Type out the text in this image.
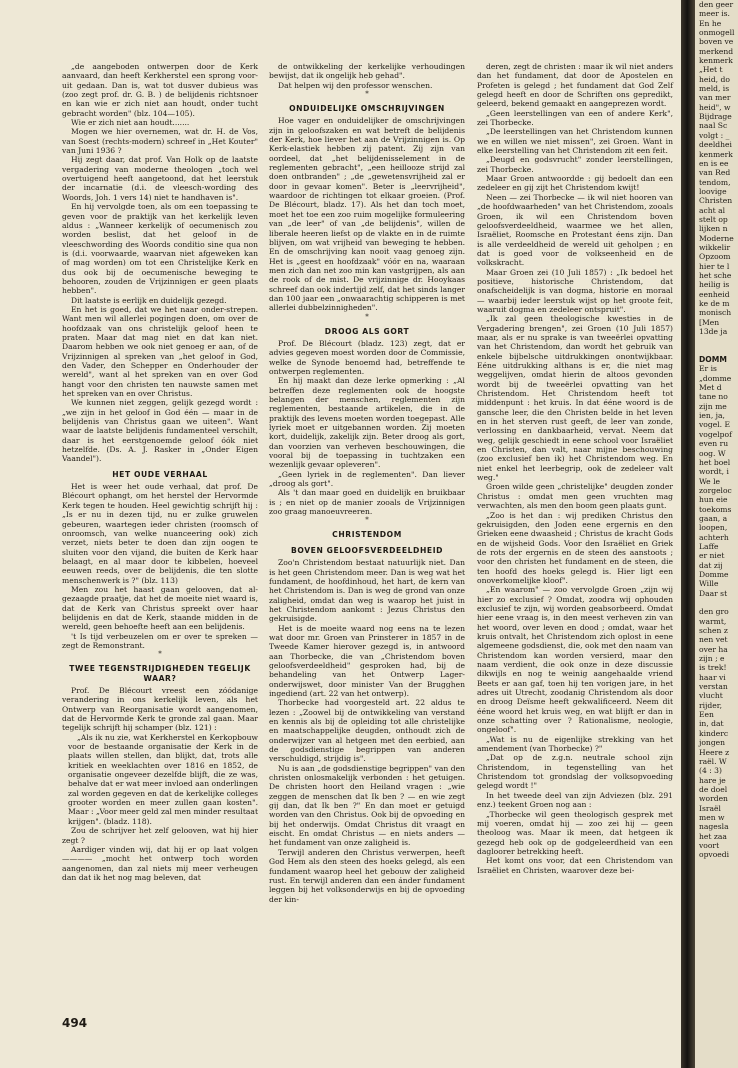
„de aangeboden ontwerpen door de Kerk aanvaard, dan heeft Kerkherstel een sprong voor-uit gedaan. Dan is, wat tot dusver dubieus was (zoo zegt prof. dr. G. B. ) de belijdenis richtsnoer en kan wie er zich niet aan houdt, onder tucht gebracht worden" (blz. 104—105).

Wie er zich niet aan houdt.......

Mogen we hier overnemen, wat dr. H. de Vos, van Soest (rechts-modern) schreef in „Het Kouter" van Juni 1936 ?

Hij zegt daar, dat prof. Van Holk op de laatste vergadering van moderne theologen „toch wel overtuigend heeft aangetoond, dat het leerstuk der incarnatie (d.i. de vleesch-wording des Woords, Joh. 1 vers 14) niet te handhaven is".

En hij vervolgde toen, als om een toepassing te geven voor de praktijk van het kerkelijk leven aldus : „Wanneer kerkelijk of oecumenisch zou worden beslist, dat het geloof in de vleeschwording des Woords conditio sine qua non is (d.i. voorwaarde, waarvan niet afgeweken kan of mag worden) om tot een Christelijke Kerk en dus ook bij de oecumenische beweging te behooren, zouden de Vrijzinnigen er geen plaats hebben".

Dit laatste is eerlijk en duidelijk gezegd.

En het is goed, dat we het naar onder-strepen. Want men wil allerlei pogingen doen, om over de hoofdzaak van ons christelijk geloof heen te praten. Maar dat mag niet en dat kan niet. Daarom hebben we ook niet genoeg er aan, of de Vrijzinnigen al spreken van „het geloof in God, den Vader, den Schepper en Onderhouder der wereld", want al het spreken van en over God hangt voor den christen ten nauwste samen met het spreken van en over Christus.

We kunnen niet zeggen, gelijk gezegd wordt : „we zijn in het geloof in God één — maar in de belijdenis van Christus gaan we uiteen". Want waar de laatste belijdenis fundamenteel verschilt, daar is het eerstgenoemde geloof óók niet hetzelfde. (Ds. A. J. Rasker in „Onder Eigen Vaandel").

HET OUDE VERHAAL

Het is weer het oude verhaal, dat prof. De Blécourt ophangt, om het herstel der Hervormde Kerk tegen te houden. Heel gewichtig schrijft hij : „Is er nu in dezen tijd, nu er zulke gruwelen gebeuren, waartegen ieder christen (roomsch of onroomsch, van welke nuanceering ook) zich verzet, niets beter te doen dan zijn oogen te sluiten voor den vijand, die buiten de Kerk haar belaagt, en al maar door te kibbelen, hoeveel eeuwen reeds, over de belijdenis, die ten slotte menschenwerk is ?" (blz. 113)

Men zou het haast gaan gelooven, dat al-gezaagde praatje, dat het de moeite niet waard is, dat de Kerk van Christus spreekt over haar belijdenis en dat de Kerk, staande midden in de wereld, geen behoefte heeft aan een belijdenis.

't Is tijd verbeuzelen om er over te spreken — zegt de Remonstrant.

*
TWEE TEGENSTRIJDIGHEDEN TEGELIJK WAAR?

Prof. De Blécourt vreest een zóódanige verandering in ons kerkelijk leven, als het Ontwerp van Reorganisatie wordt aangenomen, dat de Hervormde Kerk te gronde zal gaan. Maar tegelijk schrijft hij schamper (blz. 121) :

„Als ik nu zie, wat Kerkherstel en Kerkopbouw voor de bestaande organisatie der Kerk in de plaats willen stellen, dan blijkt, dat, trots alle kritiek en weeklachten over 1816 en 1852, de organisatie ongeveer dezelfde blijft, die ze was, behalve dat er wat meer invloed aan onderlingen zal worden gegeven en dat de kerkelijke colleges grooter worden en meer zullen gaan kosten". Maar : „Voor meer geld zal men minder resultaat krijgen". (bladz. 118).

Zou de schrijver het zelf gelooven, wat hij hier zegt ?

Aardiger vinden wij, dat hij er op laat volgen———— „mocht het ontwerp toch worden aangenomen, dan zal niets mij meer verheugen dan dat ik het nog mag beleven, dat

de ontwikkeling der kerkelijke verhoudingen bewijst, dat ik ongelijk heb gehad".

Dat helpen wij den professor wenschen.

*
ONDUIDELIJKE OMSCHRIJVINGEN

Hoe vager en onduidelijker de omschrijvingen zijn in geloofszaken en wat betreft de belijdenis der Kerk, hoe liever het aan de Vrijzinnigen is. Op Kerk-elastiek hebben zij patent. Zij zijn van oordeel, dat „het belijdenisselement in de reglementen gebracht", „een heillooze strijd zal doen ontbranden" ; „de „gewetensvrijheid zal er door in gevaar komen". Beter is „leervrijheid", waardoor de richtingen tot elkaar groeien. (Prof. De Blécourt, bladz. 17). Als het dan toch moet, moet het toe een zoo ruim mogelijke formuleering van „de leer" of van „de belijdenis", willen de liberale heeren liefst op de vlakte en in de ruimte blijven, om wat vrijheid van beweging te hebben. En de omschrijving kan nooit vaag genoeg zijn. Het is „geest en hoofdzaak" vóór en na, waaraan men zich dan net zoo min kan vastgrijpen, als aan de rook of de mist. De vrijzinnige dr. Hooykaas schreef dan ook indertijd zelf, dat het sinds langer dan 100 jaar een „onwaarachtig schipperen is met allerlei dubbelzinnigheden".

*
DROOG ALS GORT

Prof. De Blécourt (bladz. 123) zegt, dat er advies gegeven moest worden door de Commissie, welke de Synode benoemd had, betreffende te ontwerpen reglementen.

En hij maakt dan deze lerke opmerking : „Al betreffen deze reglementen ook de hoogste belangen der menschen, reglementen zijn reglementen, bestaande artikelen, die in de praktijk des levens moeten worden toegepast. Alle lyriek moet er uitgebannen worden. Zij moeten kort, duidelijk, zakelijk zijn. Beter droog als gort, dan voorzien van verheven beschouwingen, die vooral bij de toepassing in tuchtzaken een wezenlijk gevaar opleveren".

„Geen lyriek in de reglementen". Dan liever „droog als gort".

Als 't dan maar goed en duidelijk en bruikbaar is ; en niet op de manier zooals de Vrijzinnigen zoo graag manoeuvreeren.

*
CHRISTENDOM
BOVEN GELOOFSVERDEELDHEID

Zoo'n Christendom bestaat natuurlijk niet. Dan is het geen Christendom meer. Dan is weg wat het fundament, de hoofdinhoud, het hart, de kern van het Christendom is. Dan is weg de grond van onze zaligheid, omdat dan weg is waarop het juist in het Christendom aankomt : Jezus Christus den gekruisigde.

Het is de moeite waard nog eens na te lezen wat door mr. Groen van Prinsterer in 1857 in de Tweede Kamer hierover gezegd is, in antwoord aan Thorbecke, die van „Christendom boven geloofsverdeeldheid" gesproken had, bij de behandeling van het Ontwerp Lager-onderwijswet, door minister Van der Brugghen ingediend (art. 22 van het ontwerp).

Thorbecke had voorgesteld art. 22 aldus te lezen : „Zoowel bij de ontwikkeling van verstand en kennis als bij de opleiding tot alle christelijke en maatschappelijke deugden, onthoudt zich de onderwijzer van al hetgeen met den eerbied, aan de godsdienstige begrippen van anderen verschuldigd, strijdig is".

Nu is aan „de godsdienstige begrippen" van den christen onlosmakelijk verbonden : het getuigen. De christen hoort den Heiland vragen : „wie zeggen de menschen dat Ik ben ? — en wie zegt gij dan, dat Ik ben ?" En dan moet er getuigd worden van den Christus. Ook bij de opvoeding en bij het onderwijs. Omdat Christus dit vraagt en eischt. En omdat Christus — en niets anders — het fundament van onze zaligheid is.

Terwijl anderen den Christus verwerpen, heeft God Hem als den steen des hoeks gelegd, als een fundament waarop heel het gebouw der zaligheid rust. En terwijl anderen dan een ánder fundament leggen bij het volksonderwijs en bij de opvoeding der kin-

deren, zegt de christen : maar ik wil niet anders dan het fundament, dat door de Apostelen en Profeten is gelegd ; het fundament dat God Zelf gelegd heeft en door de Schriften ons gepredikt, geleerd, bekend gemaakt en aangeprezen wordt.

„Geen leerstellingen van een of andere Kerk", zei Thorbecke.

„De leerstellingen van het Christendom kunnen we en willen we niet missen", zei Groen. Want in elke leerstelling van het Christendom zit een feit.

„Deugd en godsvrucht" zonder leerstellingen, zei Thorbecke.

Maar Groen antwoordde : gij bedoelt dan een zedeleer en gij zijt het Christendom kwijt!

Neen — zei Thorbecke — ik wil niet hooren van „de hoofdwaarheden" van het Christendom, zooals Groen, ik wil een Christendom boven geloofsverdeeldheid, waarmee we het allen, Israëliet, Roomsche en Protestant éens zijn. Dan is alle verdeeldheid de wereld uit geholpen ; en dat is goed voor de volkseenheid en de volkskracht.

Maar Groen zei (10 Juli 1857) : „Ik bedoel het positieve, historische Christendom, dat onafscheidelijk is van dogma, historie en moraal — waarbij ieder leerstuk wijst op het groote feit, waaruit dogma en zedeleer ontspruit".

„Ik zal geen theologische kwesties in de Vergadering brengen", zei Groen (10 Juli 1857) maar, als er nu sprake is van tweeërlei opvatting van het Christendom, dan wordt het gebruik van enkele bijbelsche uitdrukkingen onontwijkbaar. Eéne uitdrukking althans is er, die niet mag weggelijven, omdat hierin de altoos gevonden wordt bij de tweeërlei opvatting van het Christendom. Het Christendom heeft tot middenpunt : het kruis. In dat ééne woord is de gansche leer, die den Christen belde in het leven en in het sterven rust geeft, de leer van zonde, verlossing en dankbaarheid, vervat. Neem dat weg, gelijk geschiedt in eene school voor Israëliet en Christen, dan valt, naar mijne beschouwing (zoo exclusief ben ik) het Christendom weg. En niet enkel het leerbegrip, ook de zedeleer valt weg."

Groen wilde geen „christelijke" deugden zonder Christus : omdat men geen vruchten mag verwachten, als men den boom geen plaats gunt.

„Zoo is het dan : wij prediken Christus den gekruisigden, den Joden eene ergernis en den Grieken eene dwaasheid ; Christus de kracht Gods en de wijsheid Gods. Voor den Israëliet en Griek de rots der ergernis en de steen des aanstoots ; voor den christen het fundament en de steen, die ten hoofd des hoeks gelegd is. Hier ligt een onoverkomelijke kloof".

„En waarom" — zoo vervolgde Groen „zijn wij hier zo exclusief ? Omdat, zoodra wij ophouden exclusief te zijn, wij worden geabsorbeerd. Omdat hier eene vraag is, in den meest verheven zin van het woord, over leven en dood ; omdat, waar het kruis ontvalt, het Christendom zich oplost in eene algemeene godsdienst, die, ook met den naam van Christendom kan worden versierd, maar den naam verdient, die ook onze in deze discussie dikwijls en nog te weinig aangehaalde vriend Beets er aan gaf, toen hij ten vorigen jare, in het adres uit Utrecht, zoodanig Christendom als door en droog Deïsme heeft gekwalificeerd. Neem dit ééne woord het kruis weg, en wat blijft er dan in onze schatting over ? Rationalisme, neologie, ongeloof".

„Wat is nu de eigenlijke strekking van het amendement (van Thorbecke) ?"

„Dat op de z.g.n. neutrale school zijn Christendom, in tegenstelling van het Christendom tot grondslag der volksopvoeding gelegd wordt !"

In het tweede deel van zijn Adviezen (blz. 291 enz.) teekent Groen nog aan :

„Thorbecke wil geen theologisch gesprek met mij voeren, omdat hij — zoo zei hij — geen theoloog was. Maar ik meen, dat hetgeen ik gezegd heb ook op de godgeleerdheid van een dagloorer betrekking heeft.

Het komt ons voor, dat een Christendom van Israëliet en Christen, waarover deze bei-

494
den geer
meer is.
En he
onmogell
boven ve
merkend
kenmerk
„Het t
heid, do
meld, is
van mer
heid", w
Bijdrage
naal Sc
volgt : _
deeldhei
kenmerk
en is ee
van Red
tendom,
loovige
Christen
acht al
stelt op
lijken n
Moderne
wikkelir
Opzoom
hier te l
het sche
heilig is
eenheid
ke de m
monisch
[Men
13de ja
DOMM
Er is
„domme
Met d
tane no
zijn me
ien, ja,
vogel. E
vogelpof
even ru
oog. W
het boel
wordt, i
We le
zorgeloc
hun eie
toekoms
gaan, a
loopen,
achterh
Laffe
er niet
dat zij
Domme
Wille
Daar st
den gro
warmt,
schen z
nen vet
over ha
zijn ; e
is trek!
haar vi
verstan
vlucht
rijder,
Een
in, dat
kinderc
jongen
Heere z
raël. W
(4 : 3)
hare je
de doel
worden
Israël
men w
nagesla
het zaa
voort
opvoedi
